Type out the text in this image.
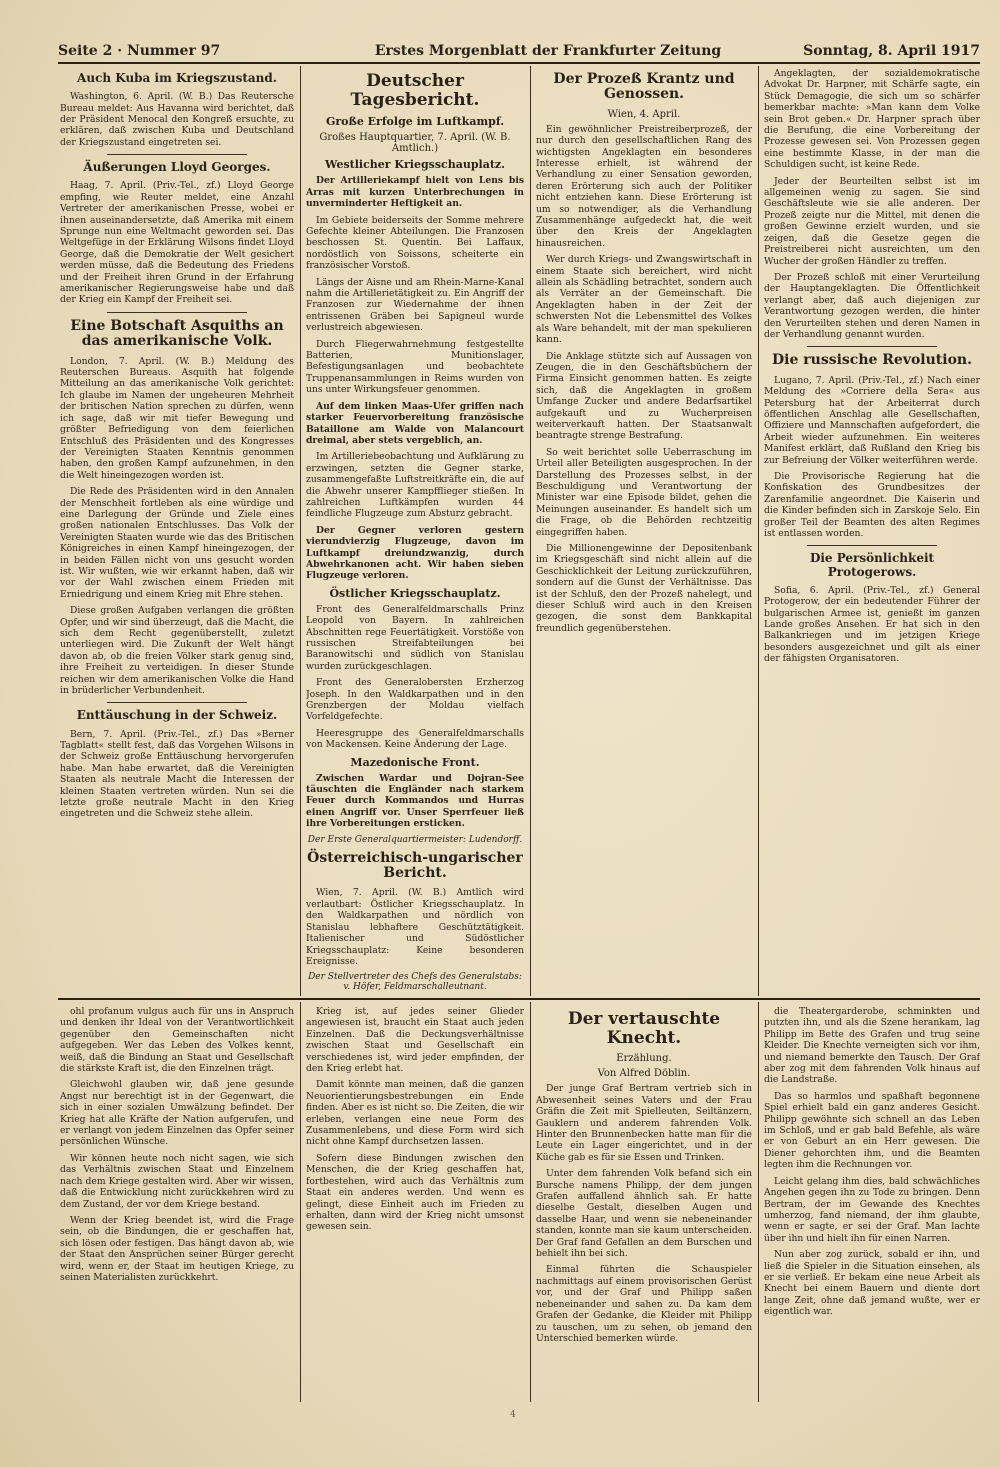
Seite 2 · Nummer 97	Erstes Morgenblatt der Frankfurter Zeitung	Sonntag, 8. April 1917
Auch Kuba im Kriegszustand.

Washington, 6. April. (W. B.) Das Reutersche Bureau meldet: Aus Havanna wird berichtet, daß der Präsident Menocal den Kongreß ersuchte, zu erklären, daß zwischen Kuba und Deutschland der Kriegszustand eingetreten sei.

Äußerungen Lloyd Georges.

Haag, 7. April. (Priv.-Tel., zf.) Lloyd George empfing, wie Reuter meldet, eine Anzahl Vertreter der amerikanischen Presse, wobei er ihnen auseinandersetzte, daß Amerika mit einem Sprunge nun eine Weltmacht geworden sei. Das Weltgefüge in der Erklärung Wilsons findet Lloyd George, daß die Demokratie der Welt gesichert werden müsse, daß die Bedeutung des Friedens und der Freiheit ihren Grund in der Erfahrung amerikanischer Regierungsweise habe und daß der Krieg ein Kampf der Freiheit sei.

Eine Botschaft Asquiths an das amerikanische Volk.

London, 7. April. (W. B.) Meldung des Reuterschen Bureaus. Asquith hat folgende Mitteilung an das amerikanische Volk gerichtet: Ich glaube im Namen der ungeheuren Mehrheit der britischen Nation sprechen zu dürfen, wenn ich sage, daß wir mit tiefer Bewegung und größter Befriedigung von dem feierlichen Entschluß des Präsidenten und des Kongresses der Vereinigten Staaten Kenntnis genommen haben, den großen Kampf aufzunehmen, in den die Welt hineingezogen worden ist.

Die Rede des Präsidenten wird in den Annalen der Menschheit fortleben als eine würdige und eine Darlegung der Gründe und Ziele eines großen nationalen Entschlusses. Das Volk der Vereinigten Staaten wurde wie das des Britischen Königreiches in einen Kampf hineingezogen, der in beiden Fällen nicht von uns gesucht worden ist. Wir wußten, wie wir erkannt haben, daß wir vor der Wahl zwischen einem Frieden mit Erniedrigung und einem Krieg mit Ehre stehen.

Diese großen Aufgaben verlangen die größten Opfer, und wir sind überzeugt, daß die Macht, die sich dem Recht gegenüberstellt, zuletzt unterliegen wird. Die Zukunft der Welt hängt davon ab, ob die freien Völker stark genug sind, ihre Freiheit zu verteidigen. In dieser Stunde reichen wir dem amerikanischen Volke die Hand in brüderlicher Verbundenheit.

Enttäuschung in der Schweiz.

Bern, 7. April. (Priv.-Tel., zf.) Das »Berner Tagblatt« stellt fest, daß das Vorgehen Wilsons in der Schweiz große Enttäuschung hervorgerufen habe. Man habe erwartet, daß die Vereinigten Staaten als neutrale Macht die Interessen der kleinen Staaten vertreten würden. Nun sei die letzte große neutrale Macht in den Krieg eingetreten und die Schweiz stehe allein.

Deutscher Tagesbericht.
Große Erfolge im Luftkampf.
Großes Hauptquartier, 7. April. (W. B. Amtlich.)
Westlicher Kriegsschauplatz.

Der Artilleriekampf hielt von Lens bis Arras mit kurzen Unterbrechungen in unverminderter Heftigkeit an.

Im Gebiete beiderseits der Somme mehrere Gefechte kleiner Abteilungen. Die Franzosen beschossen St. Quentin. Bei Laffaux, nordöstlich von Soissons, scheiterte ein französischer Vorstoß.

Längs der Aisne und am Rhein-Marne-Kanal nahm die Artillerietätigkeit zu. Ein Angriff der Franzosen zur Wiedernahme der ihnen entrissenen Gräben bei Sapigneul wurde verlustreich abgewiesen.

Durch Fliegerwahrnehmung festgestellte Batterien, Munitionslager, Befestigungsanlagen und beobachtete Truppenansammlungen in Reims wurden von uns unter Wirkungsfeuer genommen.

Auf dem linken Maas-Ufer griffen nach starker Feuervorbereitung französische Bataillone am Walde von Malancourt dreimal, aber stets vergeblich, an.

Im Artilleriebeobachtung und Aufklärung zu erzwingen, setzten die Gegner starke, zusammengefaßte Luftstreitkräfte ein, die auf die Abwehr unserer Kampfflieger stießen. In zahlreichen Luftkämpfen wurden 44 feindliche Flugzeuge zum Absturz gebracht.

Der Gegner verloren gestern vierundvierzig Flugzeuge, davon im Luftkampf dreiundzwanzig, durch Abwehrkanonen acht. Wir haben sieben Flugzeuge verloren.

Östlicher Kriegsschauplatz.

Front des Generalfeldmarschalls Prinz Leopold von Bayern. In zahlreichen Abschnitten rege Feuertätigkeit. Vorstöße von russischen Streifabteilungen bei Baranowitschi und südlich von Stanislau wurden zurückgeschlagen.

Front des Generalobersten Erzherzog Joseph. In den Waldkarpathen und in den Grenzbergen der Moldau vielfach Vorfeldgefechte.

Heeresgruppe des Generalfeldmarschalls von Mackensen. Keine Änderung der Lage.

Mazedonische Front.

Zwischen Wardar und Dojran-See täuschten die Engländer nach starkem Feuer durch Kommandos und Hurras einen Angriff vor. Unser Sperrfeuer ließ ihre Vorbereitungen ersticken.

Der Erste Generalquartiermeister: Ludendorff.
Österreichisch-ungarischer Bericht.

Wien, 7. April. (W. B.) Amtlich wird verlautbart: Östlicher Kriegsschauplatz. In den Waldkarpathen und nördlich von Stanislau lebhaftere Geschütztätigkeit. Italienischer und Südöstlicher Kriegsschauplatz: Keine besonderen Ereignisse.

Der Stellvertreter des Chefs des Generalstabs: v. Höfer, Feldmarschalleutnant.

Der Prozeß Krantz und Genossen.
Wien, 4. April.

Ein gewöhnlicher Preistreiberprozeß, der nur durch den gesellschaftlichen Rang des wichtigsten Angeklagten ein besonderes Interesse erhielt, ist während der Verhandlung zu einer Sensation geworden, deren Erörterung sich auch der Politiker nicht entziehen kann. Diese Erörterung ist um so notwendiger, als die Verhandlung Zusammenhänge aufgedeckt hat, die weit über den Kreis der Angeklagten hinausreichen.

Wer durch Kriegs- und Zwangswirtschaft in einem Staate sich bereichert, wird nicht allein als Schädling betrachtet, sondern auch als Verräter an der Gemeinschaft. Die Angeklagten haben in der Zeit der schwersten Not die Lebensmittel des Volkes als Ware behandelt, mit der man spekulieren kann.

Die Anklage stützte sich auf Aussagen von Zeugen, die in den Geschäftsbüchern der Firma Einsicht genommen hatten. Es zeigte sich, daß die Angeklagten in großem Umfange Zucker und andere Bedarfsartikel aufgekauft und zu Wucherpreisen weiterverkauft hatten. Der Staatsanwalt beantragte strenge Bestrafung.

So weit berichtet solle Ueberraschung im Urteil aller Beteiligten ausgesprochen. In der Darstellung des Prozesses selbst, in der Beschuldigung und Verantwortung der Minister war eine Episode bildet, gehen die Meinungen auseinander. Es handelt sich um die Frage, ob die Behörden rechtzeitig eingegriffen haben.

Die Millionengewinne der Depositenbank im Kriegsgeschäft sind nicht allein auf die Geschicklichkeit der Leitung zurückzuführen, sondern auf die Gunst der Verhältnisse. Das ist der Schluß, den der Prozeß nahelegt, und dieser Schluß wird auch in den Kreisen gezogen, die sonst dem Bankkapital freundlich gegenüberstehen.

Angeklagten, der sozialdemokratische Advokat Dr. Harpner, mit Schärfe sagte, ein Stück Demagogie, die sich um so schärfer bemerkbar machte: »Man kann dem Volke sein Brot geben.« Dr. Harpner sprach über die Berufung, die eine Vorbereitung der Prozesse gewesen sei. Von Prozessen gegen eine bestimmte Klasse, in der man die Schuldigen sucht, ist keine Rede.

Jeder der Beurteilten selbst ist im allgemeinen wenig zu sagen. Sie sind Geschäftsleute wie sie alle anderen. Der Prozeß zeigte nur die Mittel, mit denen die großen Gewinne erzielt wurden, und sie zeigen, daß die Gesetze gegen die Preistreiberei nicht ausreichten, um den Wucher der großen Händler zu treffen.

Der Prozeß schloß mit einer Verurteilung der Hauptangeklagten. Die Öffentlichkeit verlangt aber, daß auch diejenigen zur Verantwortung gezogen werden, die hinter den Verurteilten stehen und deren Namen in der Verhandlung genannt wurden.

Die russische Revolution.

Lugano, 7. April. (Priv.-Tel., zf.) Nach einer Meldung des »Corriere della Sera« aus Petersburg hat der Arbeiterrat durch öffentlichen Anschlag alle Gesellschaften, Offiziere und Mannschaften aufgefordert, die Arbeit wieder aufzunehmen. Ein weiteres Manifest erklärt, daß Rußland den Krieg bis zur Befreiung der Völker weiterführen werde.

Die Provisorische Regierung hat die Konfiskation des Grundbesitzes der Zarenfamilie angeordnet. Die Kaiserin und die Kinder befinden sich in Zarskoje Selo. Ein großer Teil der Beamten des alten Regimes ist entlassen worden.

Die Persönlichkeit Protogerows.

Sofia, 6. April. (Priv.-Tel., zf.) General Protogerow, der ein bedeutender Führer der bulgarischen Armee ist, genießt im ganzen Lande großes Ansehen. Er hat sich in den Balkankriegen und im jetzigen Kriege besonders ausgezeichnet und gilt als einer der fähigsten Organisatoren.

ohl profanum vulgus auch für uns in Anspruch und denken ihr Ideal von der Verantwortlichkeit gegenüber den Gemeinschaften nicht aufgegeben. Wer das Leben des Volkes kennt, weiß, daß die Bindung an Staat und Gesellschaft die stärkste Kraft ist, die den Einzelnen trägt.

Gleichwohl glauben wir, daß jene gesunde Angst nur berechtigt ist in der Gegenwart, die sich in einer sozialen Umwälzung befindet. Der Krieg hat alle Kräfte der Nation aufgerufen, und er verlangt von jedem Einzelnen das Opfer seiner persönlichen Wünsche.

Wir können heute noch nicht sagen, wie sich das Verhältnis zwischen Staat und Einzelnem nach dem Kriege gestalten wird. Aber wir wissen, daß die Entwicklung nicht zurückkehren wird zu dem Zustand, der vor dem Kriege bestand.

Wenn der Krieg beendet ist, wird die Frage sein, ob die Bindungen, die er geschaffen hat, sich lösen oder festigen. Das hängt davon ab, wie der Staat den Ansprüchen seiner Bürger gerecht wird, wenn er, der Staat im heutigen Kriege, zu seinen Materialisten zurückkehrt.

Krieg ist, auf jedes seiner Glieder angewiesen ist, braucht ein Staat auch jeden Einzelnen. Daß die Deckungsverhältnisse zwischen Staat und Gesellschaft ein verschiedenes ist, wird jeder empfinden, der den Krieg erlebt hat.

Damit könnte man meinen, daß die ganzen Neuorientierungsbestrebungen ein Ende finden. Aber es ist nicht so. Die Zeiten, die wir erleben, verlangen eine neue Form des Zusammenlebens, und diese Form wird sich nicht ohne Kampf durchsetzen lassen.

Sofern diese Bindungen zwischen den Menschen, die der Krieg geschaffen hat, fortbestehen, wird auch das Verhältnis zum Staat ein anderes werden. Und wenn es gelingt, diese Einheit auch im Frieden zu erhalten, dann wird der Krieg nicht umsonst gewesen sein.

Der vertauschte Knecht.
Erzählung.
Von Alfred Döblin.

Der junge Graf Bertram vertrieb sich in Abwesenheit seines Vaters und der Frau Gräfin die Zeit mit Spielleuten, Seiltänzern, Gauklern und anderem fahrenden Volk. Hinter den Brunnenbecken hatte man für die Leute ein Lager eingerichtet, und in der Küche gab es für sie Essen und Trinken.

Unter dem fahrenden Volk befand sich ein Bursche namens Philipp, der dem jungen Grafen auffallend ähnlich sah. Er hatte dieselbe Gestalt, dieselben Augen und dasselbe Haar, und wenn sie nebeneinander standen, konnte man sie kaum unterscheiden. Der Graf fand Gefallen an dem Burschen und behielt ihn bei sich.

Einmal führten die Schauspieler nachmittags auf einem provisorischen Gerüst vor, und der Graf und Philipp saßen nebeneinander und sahen zu. Da kam dem Grafen der Gedanke, die Kleider mit Philipp zu tauschen, um zu sehen, ob jemand den Unterschied bemerken würde.

die Theatergarderobe, schminkten und putzten ihn, und als die Szene herankam, lag Philipp im Bette des Grafen und trug seine Kleider. Die Knechte verneigten sich vor ihm, und niemand bemerkte den Tausch. Der Graf aber zog mit dem fahrenden Volk hinaus auf die Landstraße.

Das so harmlos und spaßhaft begonnene Spiel erhielt bald ein ganz anderes Gesicht. Philipp gewöhnte sich schnell an das Leben im Schloß, und er gab bald Befehle, als wäre er von Geburt an ein Herr gewesen. Die Diener gehorchten ihm, und die Beamten legten ihm die Rechnungen vor.

Leicht gelang ihm dies, bald schwächliches Angehen gegen ihn zu Tode zu bringen. Denn Bertram, der im Gewande des Knechtes umherzog, fand niemand, der ihm glaubte, wenn er sagte, er sei der Graf. Man lachte über ihn und hielt ihn für einen Narren.

Nun aber zog zurück, sobald er ihn, und ließ die Spieler in die Situation einsehen, als er sie verließ. Er bekam eine neue Arbeit als Knecht bei einem Bauern und diente dort lange Zeit, ohne daß jemand wußte, wer er eigentlich war.

4
